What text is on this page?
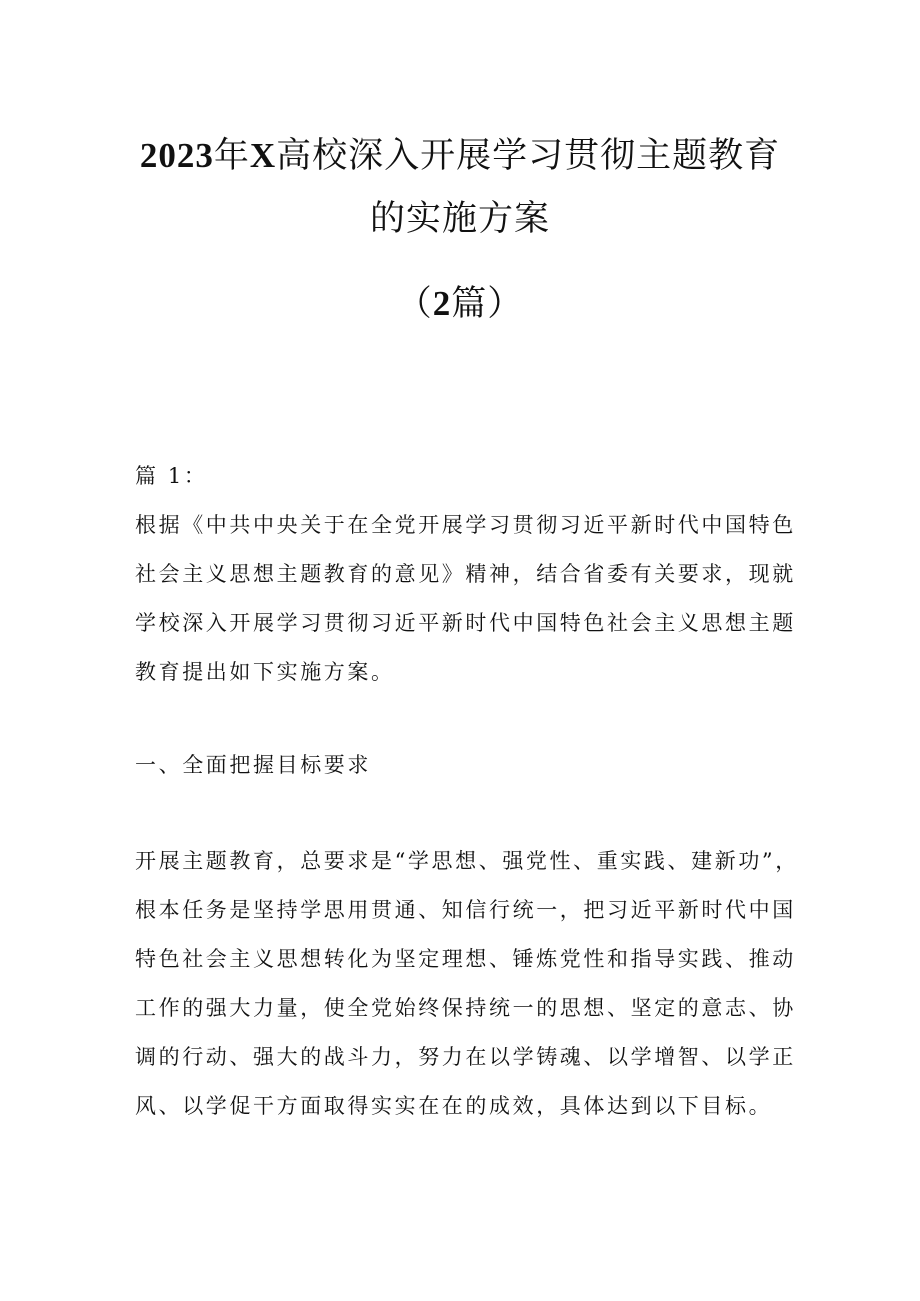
2023年X高校深入开展学习贯彻主题教育
的实施方案
（2篇）
篇 1：
根据《中共中央关于在全党开展学习贯彻习近平新时代中国特色
社会主义思想主题教育的意见》精神，结合省委有关要求，现就
学校深入开展学习贯彻习近平新时代中国特色社会主义思想主题
教育提出如下实施方案。
一、全面把握目标要求
开展主题教育，总要求是“学思想、强党性、重实践、建新功”，
根本任务是坚持学思用贯通、知信行统一，把习近平新时代中国
特色社会主义思想转化为坚定理想、锤炼党性和指导实践、推动
工作的强大力量，使全党始终保持统一的思想、坚定的意志、协
调的行动、强大的战斗力，努力在以学铸魂、以学增智、以学正
风、以学促干方面取得实实在在的成效，具体达到以下目标。
